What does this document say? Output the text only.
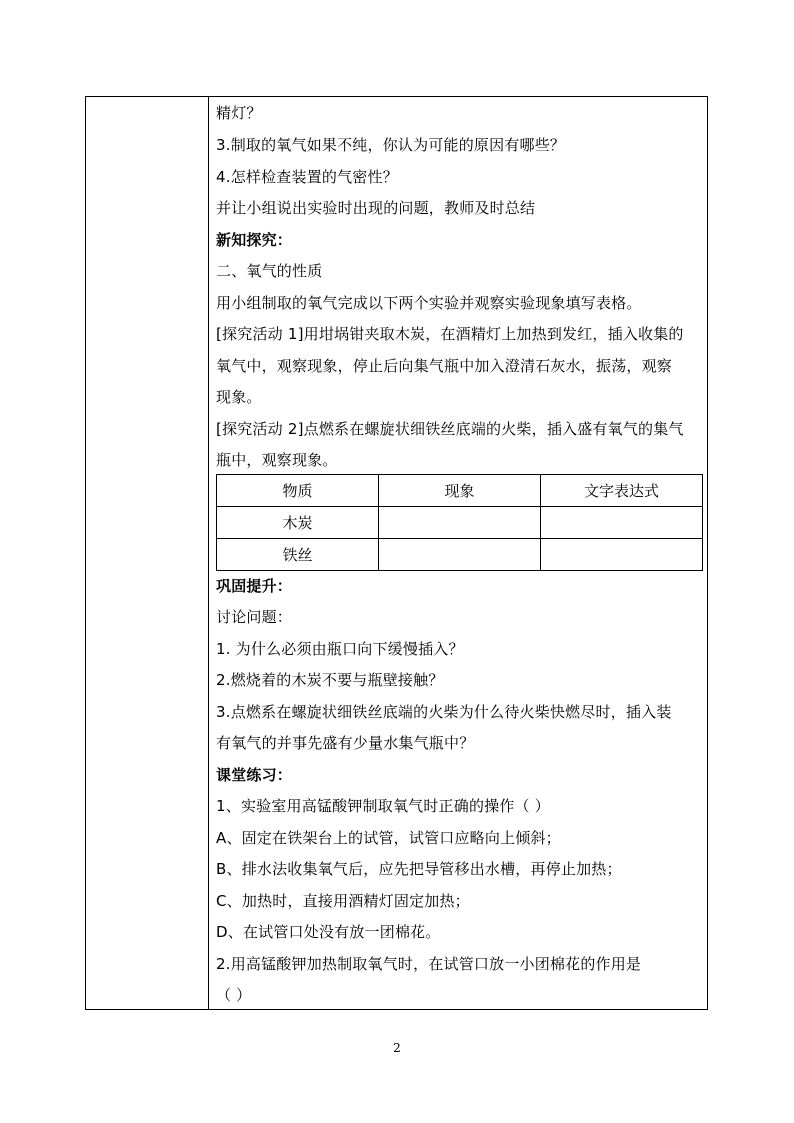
精灯？
3.制取的氧气如果不纯，你认为可能的原因有哪些？
4.怎样检查装置的气密性？
并让小组说出实验时出现的问题，教师及时总结
新知探究：
二、氧气的性质
用小组制取的氧气完成以下两个实验并观察实验现象填写表格。
[探究活动 1]用坩埚钳夹取木炭，在酒精灯上加热到发红，插入收集的
氧气中，观察现象，停止后向集气瓶中加入澄清石灰水，振荡，观察
现象。
[探究活动 2]点燃系在螺旋状细铁丝底端的火柴，插入盛有氧气的集气
瓶中，观察现象。
物质	现象	文字表达式
木炭		
铁丝		
巩固提升：
讨论问题：
1. 为什么必须由瓶口向下缓慢插入？
2.燃烧着的木炭不要与瓶壁接触？
3.点燃系在螺旋状细铁丝底端的火柴为什么待火柴快燃尽时，插入装
有氧气的并事先盛有少量水集气瓶中？
课堂练习：
1、实验室用高锰酸钾制取氧气时正确的操作（ ）
A、固定在铁架台上的试管，试管口应略向上倾斜；
B、排水法收集氧气后，应先把导管移出水槽，再停止加热；
C、加热时，直接用酒精灯固定加热；
D、在试管口处没有放一团棉花。
2.用高锰酸钾加热制取氧气时，在试管口放一小团棉花的作用是
（ ）
2
